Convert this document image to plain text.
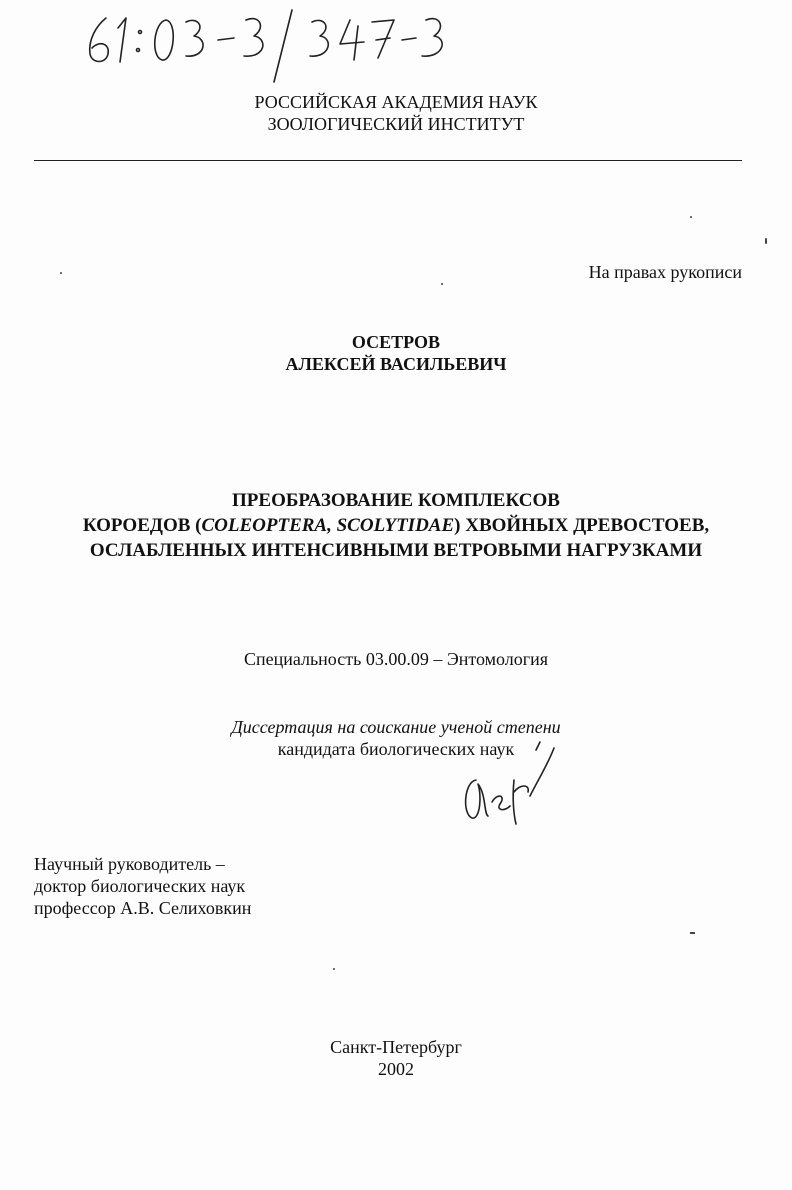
РОССИЙСКАЯ АКАДЕМИЯ НАУК
ЗООЛОГИЧЕСКИЙ ИНСТИТУТ
На правах рукописи
ОСЕТРОВ
АЛЕКСЕЙ ВАСИЛЬЕВИЧ
ПРЕОБРАЗОВАНИЕ КОМПЛЕКСОВ
КОРОЕДОВ (COLEOPTERA, SCOLYTIDAE) ХВОЙНЫХ ДРЕВОСТОЕВ,
ОСЛАБЛЕННЫХ ИНТЕНСИВНЫМИ ВЕТРОВЫМИ НАГРУЗКАМИ
Специальность 03.00.09 – Энтомология
Диссертация на соискание ученой степени
кандидата биологических наук
Научный руководитель –
доктор биологических наук
профессор А.В. Селиховкин
Санкт-Петербург
2002
